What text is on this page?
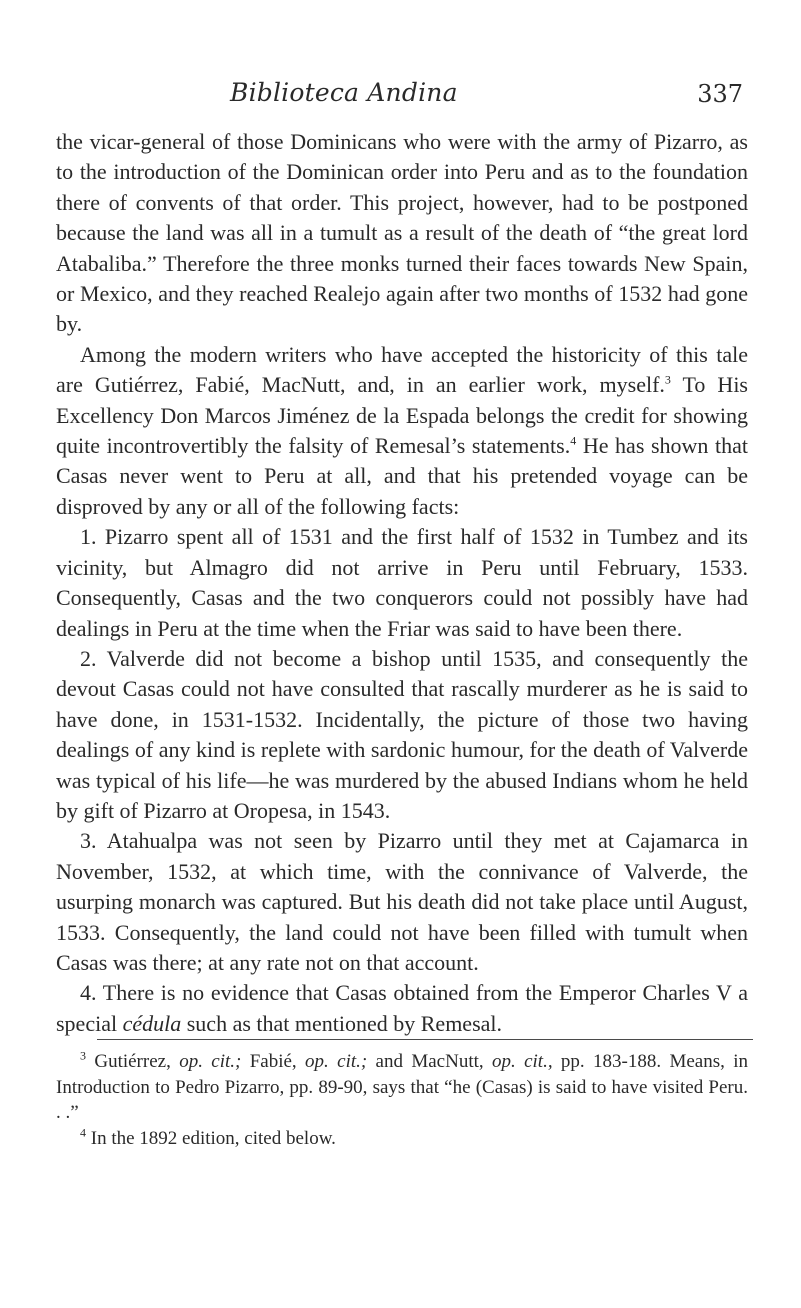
Biblioteca Andina	337

the vicar-general of those Dominicans who were with the army of Pizarro, as to the introduction of the Dominican order into Peru and as to the foundation there of convents of that order. This project, however, had to be postponed because the land was all in a tumult as a result of the death of “the great lord Atabaliba.” Therefore the three monks turned their faces towards New Spain, or Mexico, and they reached Realejo again after two months of 1532 had gone by.

Among the modern writers who have accepted the historicity of this tale are Gutiérrez, Fabié, MacNutt, and, in an earlier work, myself.$^3$ To His Excellency Don Marcos Jiménez de la Espada belongs the credit for showing quite incontrovertibly the falsity of Remesal’s statements.$^4$ He has shown that Casas never went to Peru at all, and that his pretended voyage can be disproved by any or all of the following facts:

1. Pizarro spent all of 1531 and the first half of 1532 in Tumbez and its vicinity, but Almagro did not arrive in Peru until February, 1533. Consequently, Casas and the two conquerors could not possibly have had dealings in Peru at the time when the Friar was said to have been there.

2. Valverde did not become a bishop until 1535, and consequently the devout Casas could not have consulted that rascally murderer as he is said to have done, in 1531-1532. Incidentally, the picture of those two having dealings of any kind is replete with sardonic humour, for the death of Valverde was typical of his life—he was murdered by the abused Indians whom he held by gift of Pizarro at Oropesa, in 1543.

3. Atahualpa was not seen by Pizarro until they met at Cajamarca in November, 1532, at which time, with the connivance of Valverde, the usurping monarch was captured. But his death did not take place until August, 1533. Consequently, the land could not have been filled with tumult when Casas was there; at any rate not on that account.

4. There is no evidence that Casas obtained from the Emperor Charles V a special cédula such as that mentioned by Remesal.

$^3$ Gutiérrez, op. cit.; Fabié, op. cit.; and MacNutt, op. cit., pp. 183-188. Means, in Introduction to Pedro Pizarro, pp. 89-90, says that “he (Casas) is said to have visited Peru. . .”

$^4$ In the 1892 edition, cited below.
